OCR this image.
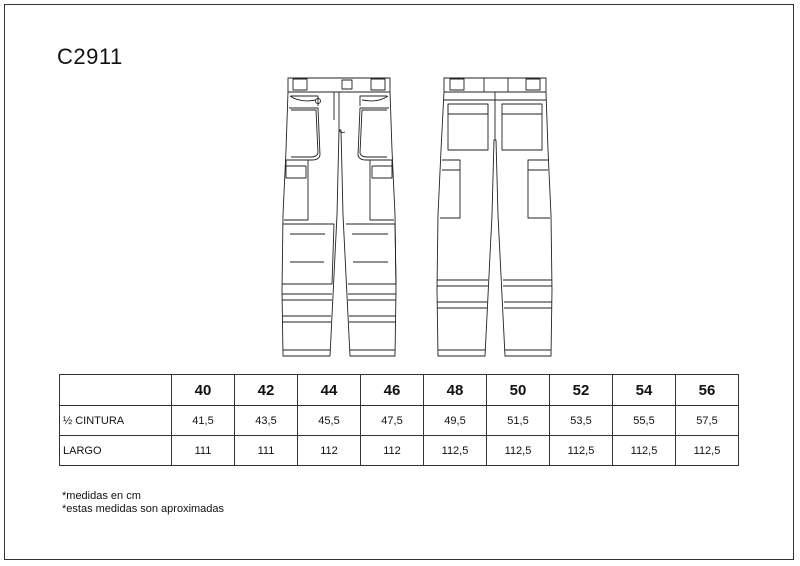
C2911
	40	42	44	46	48	50	52	54	56
½ CINTURA	41,5	43,5	45,5	47,5	49,5	51,5	53,5	55,5	57,5
LARGO	111	111	112	112	112,5	112,5	112,5	112,5	112,5
*medidas en cm
*estas medidas son aproximadas
